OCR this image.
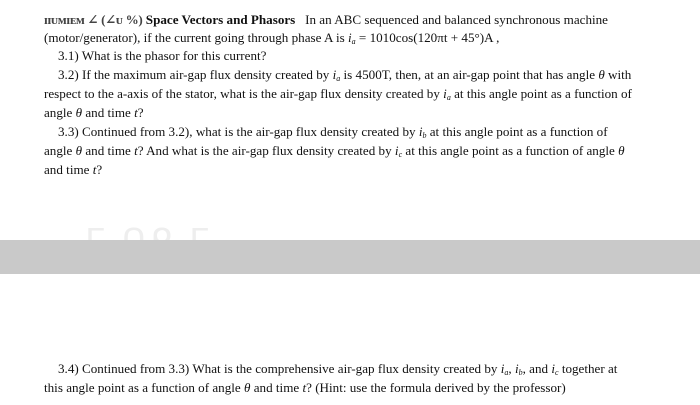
ɪɪᴜᴍɪᴇᴍ ∠ (∠ᴜ %) Space Vectors and Phasors In an ABC sequenced and balanced synchronous machine
(motor/generator), if the current going through phase A is $i_a = 1010\cos(120\pi t + 45^\circ)A$ ,
3.1) What is the phasor for this current?
3.2) If the maximum air-gap flux density created by $i_a$ is 4500T, then, at an air-gap point that has angle θ with
respect to the a-axis of the stator, what is the air-gap flux density created by $i_a$ at this angle point as a function of
angle θ and time t?
3.3) Continued from 3.2), what is the air-gap flux density created by $i_b$ at this angle point as a function of
angle θ and time t? And what is the air-gap flux density created by $i_c$ at this angle point as a function of angle θ
and time t?
3.4) Continued from 3.3) What is the comprehensive air-gap flux density created by $i_a$, $i_b$, and $i_c$ together at
this angle point as a function of angle θ and time t? (Hint: use the formula derived by the professor)
